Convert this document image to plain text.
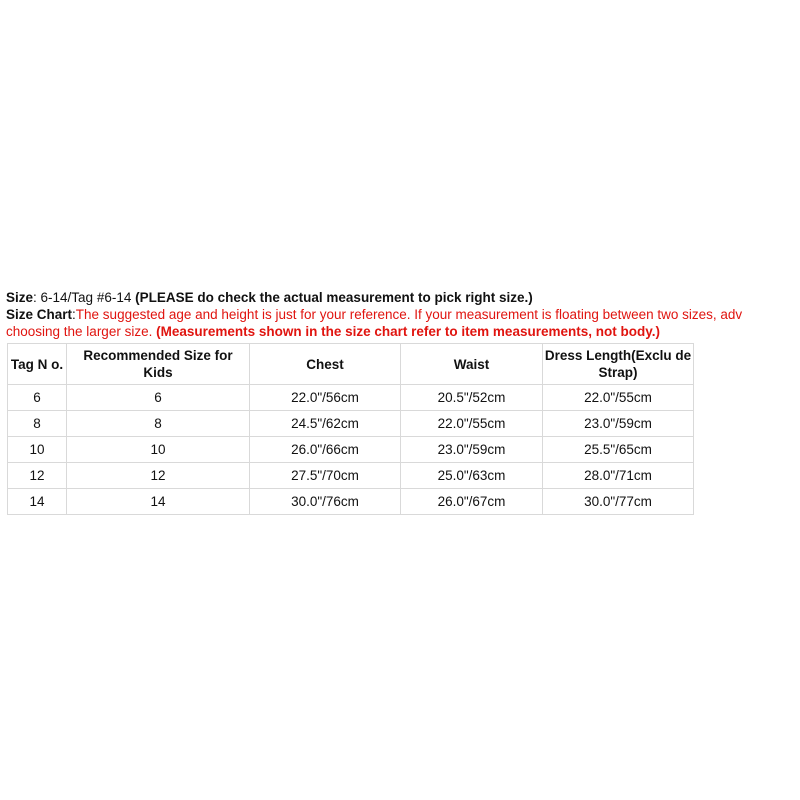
Size: 6-14/Tag #6-14 (PLEASE do check the actual measurement to pick right size.)
Size Chart:The suggested age and height is just for your reference. If your measurement is floating between two sizes, adv
choosing the larger size. (Measurements shown in the size chart refer to item measurements, not body.)
Tag N o.	Recommended Size for Kids	Chest	Waist	Dress Length(Exclu de Strap)
6	6	22.0"/56cm	20.5"/52cm	22.0"/55cm
8	8	24.5"/62cm	22.0"/55cm	23.0"/59cm
10	10	26.0"/66cm	23.0"/59cm	25.5"/65cm
12	12	27.5"/70cm	25.0"/63cm	28.0"/71cm
14	14	30.0"/76cm	26.0"/67cm	30.0"/77cm
